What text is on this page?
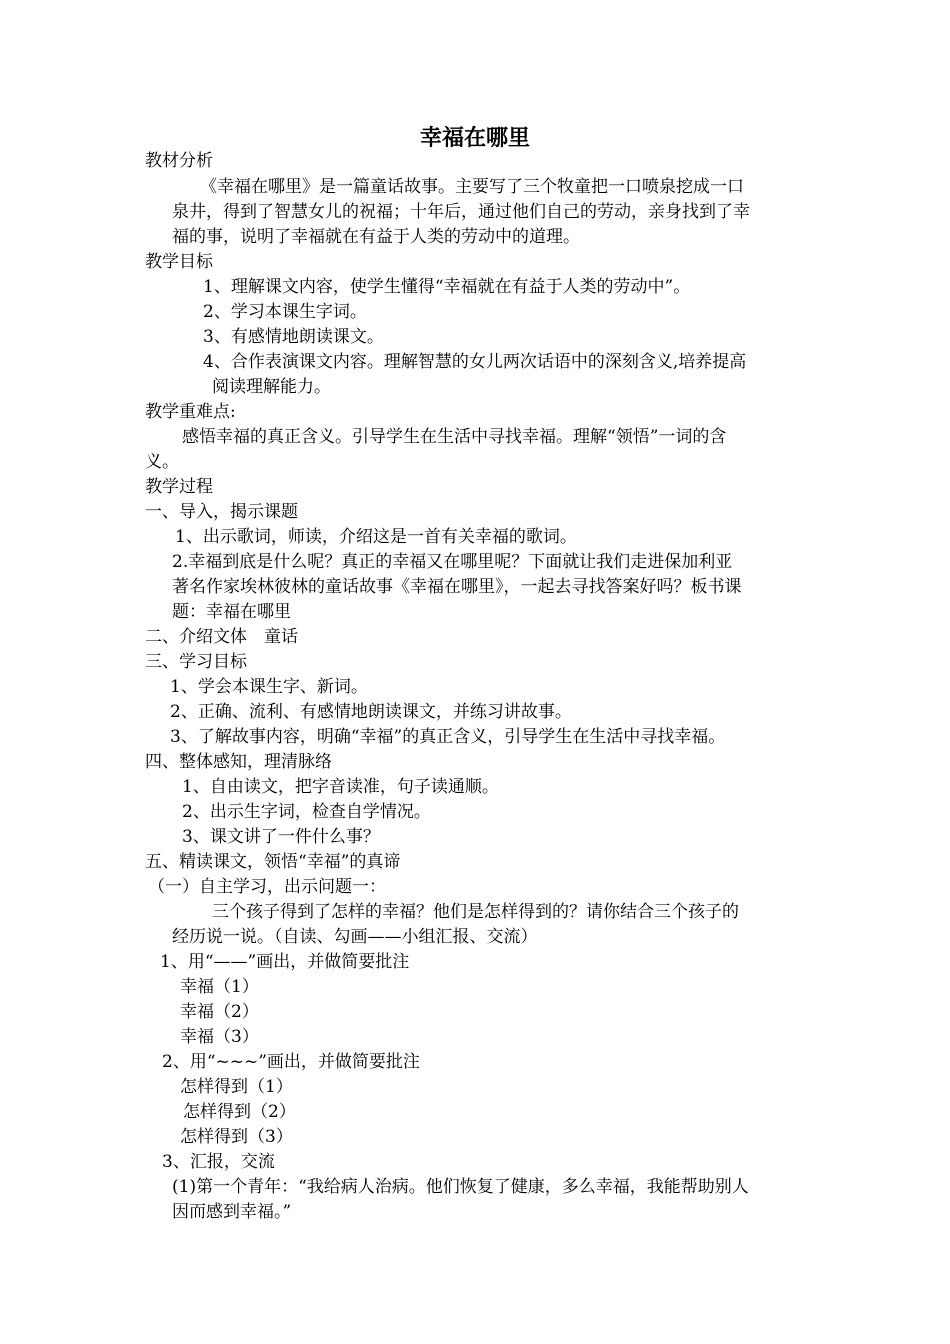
幸福在哪里

教材分析

《幸福在哪里》是一篇童话故事。主要写了三个牧童把一口喷泉挖成一口

泉井，得到了智慧女儿的祝福；十年后，通过他们自己的劳动，亲身找到了幸

福的事，说明了幸福就在有益于人类的劳动中的道理。

教学目标

1、理解课文内容，使学生懂得“幸福就在有益于人类的劳动中”。

2、学习本课生字词。

3、有感情地朗读课文。

4、合作表演课文内容。理解智慧的女儿两次话语中的深刻含义,培养提高

阅读理解能力。

教学重难点:

感悟幸福的真正含义。引导学生在生活中寻找幸福。理解“领悟”一词的含

义。

教学过程

一、导入，揭示课题

1、出示歌词，师读，介绍这是一首有关幸福的歌词。

2.幸福到底是什么呢？真正的幸福又在哪里呢？下面就让我们走进保加利亚

著名作家埃林彼林的童话故事《幸福在哪里》，一起去寻找答案好吗？板书课

题：幸福在哪里

二、介绍文体　童话

三、学习目标

1、学会本课生字、新词。

2、正确、流利、有感情地朗读课文，并练习讲故事。

3、了解故事内容，明确“幸福”的真正含义，引导学生在生活中寻找幸福。

四、整体感知，理清脉络

1、自由读文，把字音读准，句子读通顺。

2、出示生字词，检查自学情况。

3、课文讲了一件什么事？

五、精读课文，领悟“幸福”的真谛

（一）自主学习，出示问题一：

三个孩子得到了怎样的幸福？他们是怎样得到的？请你结合三个孩子的

经历说一说。（自读、勾画——小组汇报、交流）

1、用“——”画出，并做简要批注

幸福（1）

幸福（2）

幸福（3）

2、用“~~~”画出，并做简要批注

怎样得到（1）

怎样得到（2）

怎样得到（3）

3、汇报，交流

(1)第一个青年：“我给病人治病。他们恢复了健康，多么幸福，我能帮助别人

因而感到幸福。”
